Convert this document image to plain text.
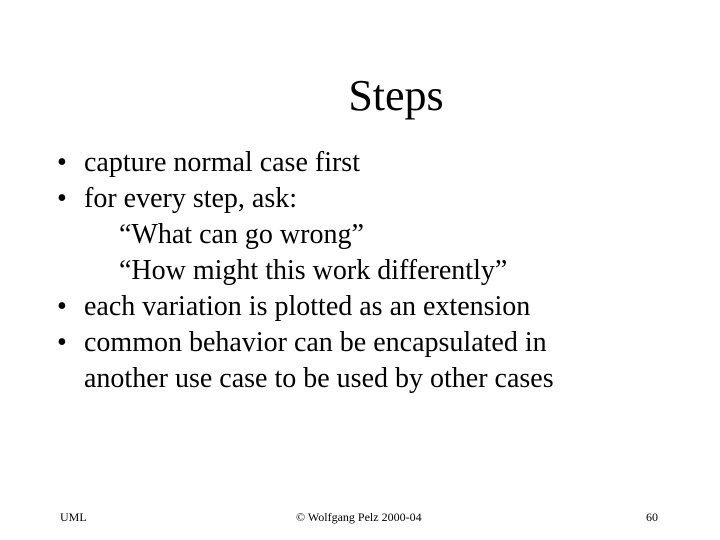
Steps
• capture normal case first
• for every step, ask:
“What can go wrong”
“How might this work differently”
• each variation is plotted as an extension
• common behavior can be encapsulated in
another use case to be used by other cases
UML	© Wolfgang Pelz 2000-04	60
